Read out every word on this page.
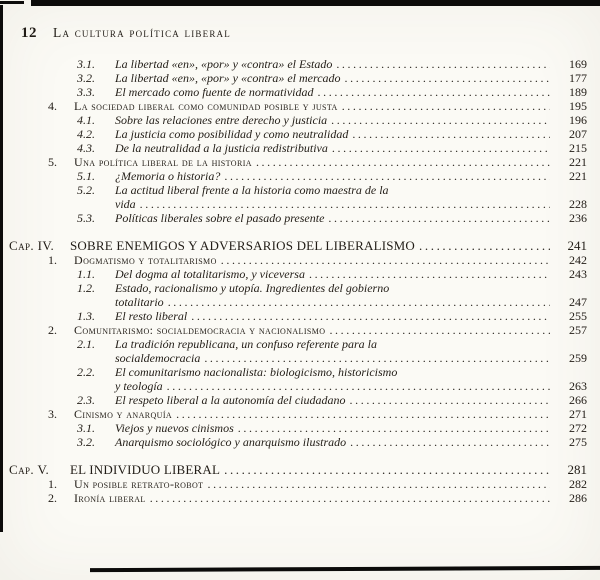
12 La cultura política liberal
3.1.	La libertad «en», «por» y «contra» el Estado .....	169
3.2.	La libertad «en», «por» y «contra» el mercado .....	177
3.3.	El mercado como fuente de normatividad .....	189
4.	La sociedad liberal como comunidad posible y justa .....	195
4.1.	Sobre las relaciones entre derecho y justicia .....	196
4.2.	La justicia como posibilidad y como neutralidad .....	207
4.3.	De la neutralidad a la justicia redistributiva .....	215
5.	Una política liberal de la historia .....	221
5.1.	¿Memoria o historia? .....	221
5.2.	La actitud liberal frente a la historia como maestra de la
vida .....	228
5.3.	Políticas liberales sobre el pasado presente .....	236
Cap. IV.	SOBRE ENEMIGOS Y ADVERSARIOS DEL LIBERALISMO .....	241
1.	Dogmatismo y totalitarismo .....	242
1.1.	Del dogma al totalitarismo, y viceversa .....	243
1.2.	Estado, racionalismo y utopía. Ingredientes del gobierno
totalitario .....	247
1.3.	El resto liberal .....	255
2.	Comunitarismo: socialdemocracia y nacionalismo .....	257
2.1.	La tradición republicana, un confuso referente para la
socialdemocracia .....	259
2.2.	El comunitarismo nacionalista: biologicismo, historicismo
y teología .....	263
2.3.	El respeto liberal a la autonomía del ciudadano .....	266
3.	Cinismo y anarquía .....	271
3.1.	Viejos y nuevos cinismos .....	272
3.2.	Anarquismo sociológico y anarquismo ilustrado .....	275
Cap. V.	EL INDIVIDUO LIBERAL .....	281
1.	Un posible retrato-robot .....	282
2.	Ironía liberal .....	286
